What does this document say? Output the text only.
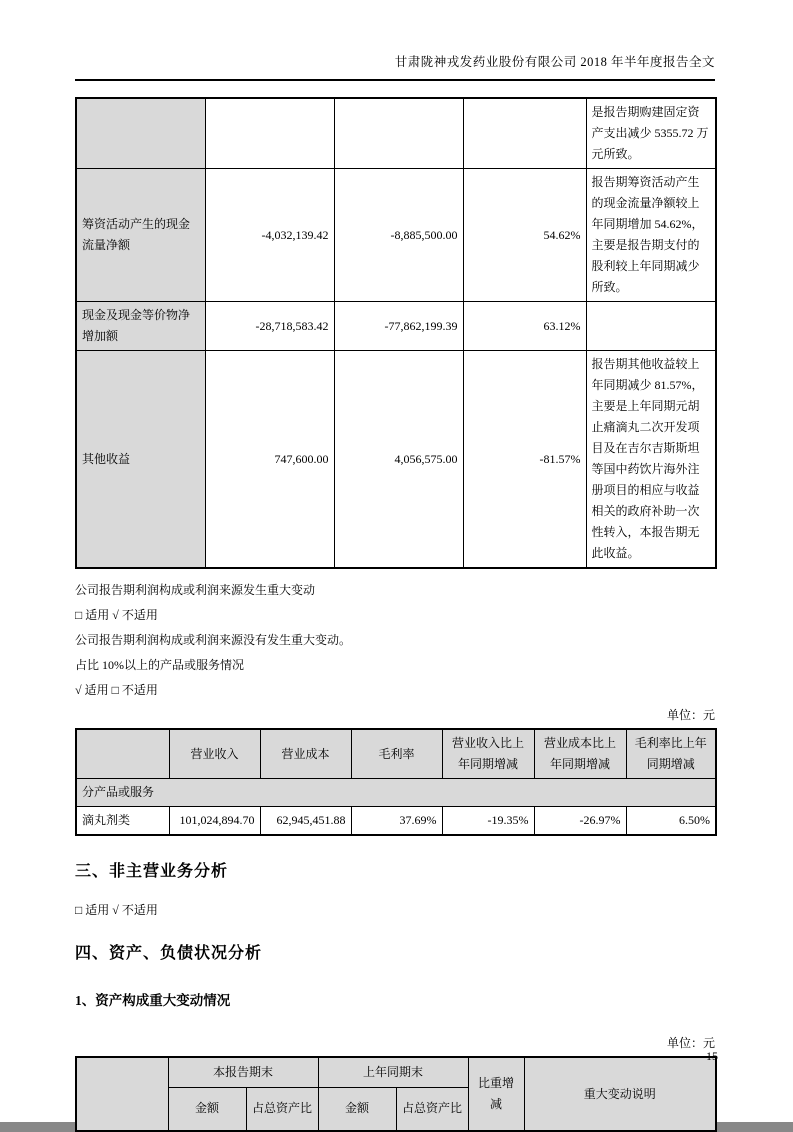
甘肃陇神戎发药业股份有限公司 2018 年半年度报告全文
				是报告期购建固定资产支出减少 5355.72 万元所致。
筹资活动产生的现金流量净额	-4,032,139.42	-8,885,500.00	54.62%	报告期筹资活动产生的现金流量净额较上年同期增加 54.62%，主要是报告期支付的股利较上年同期减少所致。
现金及现金等价物净增加额	-28,718,583.42	-77,862,199.39	63.12%	
其他收益	747,600.00	4,056,575.00	-81.57%	报告期其他收益较上年同期减少 81.57%，主要是上年同期元胡止痛滴丸二次开发项目及在吉尔吉斯斯坦等国中药饮片海外注册项目的相应与收益相关的政府补助一次性转入，本报告期无此收益。
公司报告期利润构成或利润来源发生重大变动
□ 适用 √ 不适用
公司报告期利润构成或利润来源没有发生重大变动。
占比 10%以上的产品或服务情况
√ 适用 □ 不适用
单位：元
	营业收入	营业成本	毛利率	营业收入比上年同期增减	营业成本比上年同期增减	毛利率比上年同期增减
分产品或服务						
滴丸剂类	101,024,894.70	62,945,451.88	37.69%	-19.35%	-26.97%	6.50%
三、非主营业务分析
□ 适用 √ 不适用
四、资产、负债状况分析
1、资产构成重大变动情况
单位：元
	本报告期末		上年同期末		比重增减	重大变动说明
	金额	占总资产比	金额	占总资产比		
15
